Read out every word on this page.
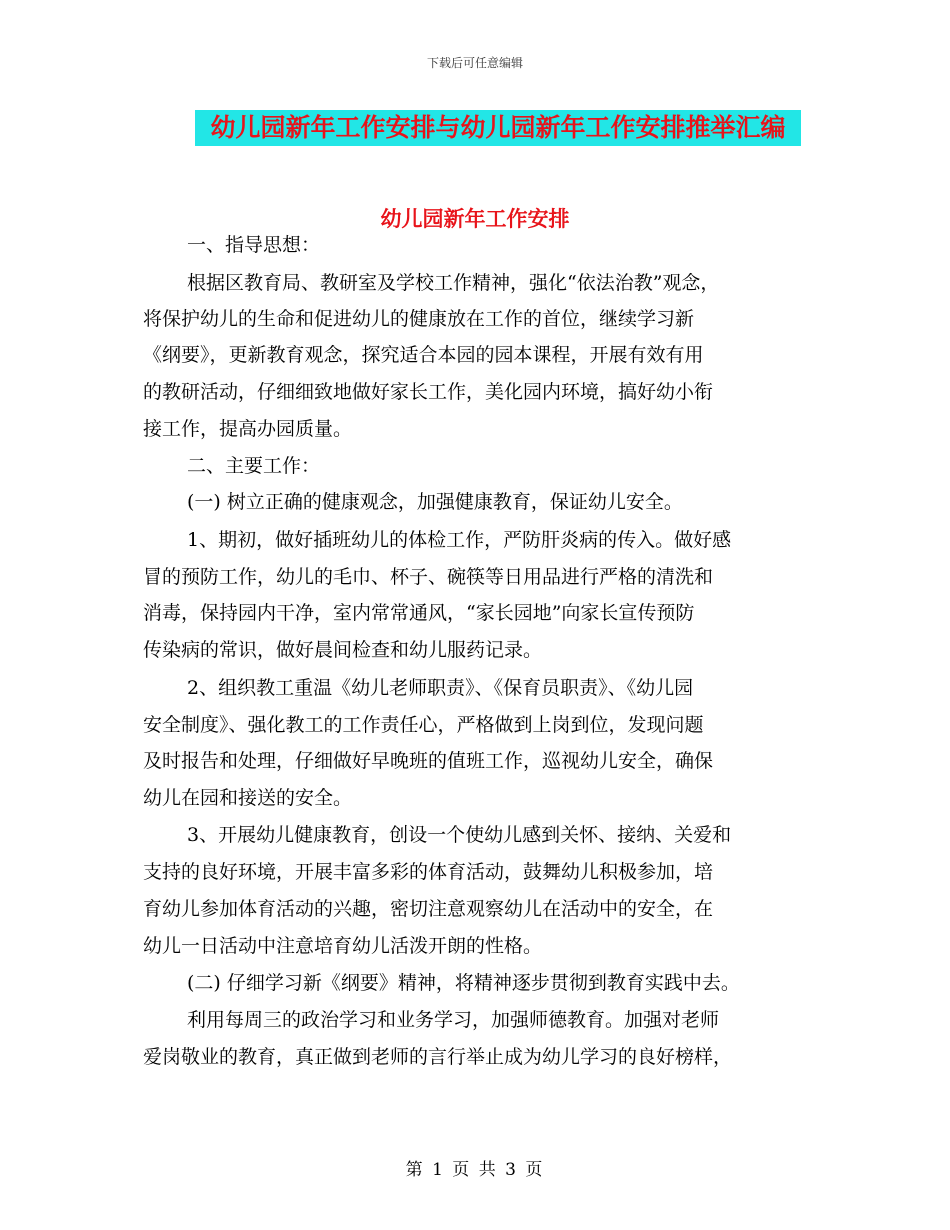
下载后可任意编辑
幼儿园新年工作安排与幼儿园新年工作安排推举汇编
幼儿园新年工作安排
一、指导思想：
根据区教育局、教研室及学校工作精神，强化“依法治教”观念，
将保护幼儿的生命和促进幼儿的健康放在工作的首位，继续学习新
《纲要》，更新教育观念，探究适合本园的园本课程，开展有效有用
的教研活动，仔细细致地做好家长工作，美化园内环境，搞好幼小衔
接工作，提高办园质量。
二、主要工作：
(一) 树立正确的健康观念，加强健康教育，保证幼儿安全。
1、期初，做好插班幼儿的体检工作，严防肝炎病的传入。做好感
冒的预防工作，幼儿的毛巾、杯子、碗筷等日用品进行严格的清洗和
消毒，保持园内干净，室内常常通风，“家长园地”向家长宣传预防
传染病的常识，做好晨间检查和幼儿服药记录。
2、组织教工重温《幼儿老师职责》、《保育员职责》、《幼儿园
安全制度》、强化教工的工作责任心，严格做到上岗到位，发现问题
及时报告和处理，仔细做好早晚班的值班工作，巡视幼儿安全，确保
幼儿在园和接送的安全。
3、开展幼儿健康教育，创设一个使幼儿感到关怀、接纳、关爱和
支持的良好环境，开展丰富多彩的体育活动，鼓舞幼儿积极参加，培
育幼儿参加体育活动的兴趣，密切注意观察幼儿在活动中的安全，在
幼儿一日活动中注意培育幼儿活泼开朗的性格。
(二) 仔细学习新《纲要》精神，将精神逐步贯彻到教育实践中去。
利用每周三的政治学习和业务学习，加强师德教育。加强对老师
爱岗敬业的教育，真正做到老师的言行举止成为幼儿学习的良好榜样，
第 1 页 共 3 页
